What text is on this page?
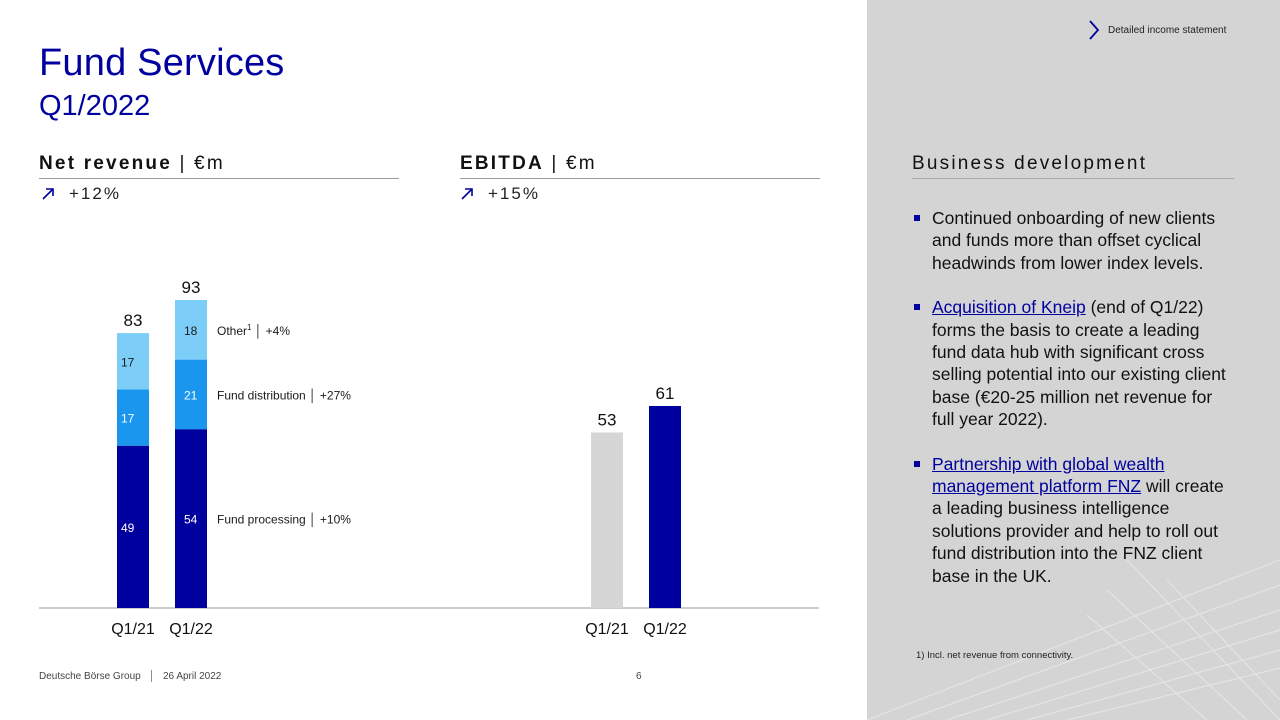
Detailed income statement
Fund Services
Q1/2022
Net revenue | €m
+12%
EBITDA | €m
+15%
49
17
17
83
Q1/21
54
21
18
93
Q1/22
Fund processing │ +10%
Fund distribution │ +27%
Other$^1$ │ +4%
53
Q1/21
61
Q1/22
Business development
Continued onboarding of new clients and funds more than offset cyclical headwinds from lower index levels.
Acquisition of Kneip (end of Q1/22) forms the basis to create a leading fund data hub with significant cross selling potential into our existing client base (€20-25 million net revenue for full year 2022).
Partnership with global wealth management platform FNZ will create a leading business intelligence solutions provider and help to roll out fund distribution into the FNZ client base in the UK.
1) Incl. net revenue from connectivity.
Deutsche Börse Group │ 26 April 2022	6
